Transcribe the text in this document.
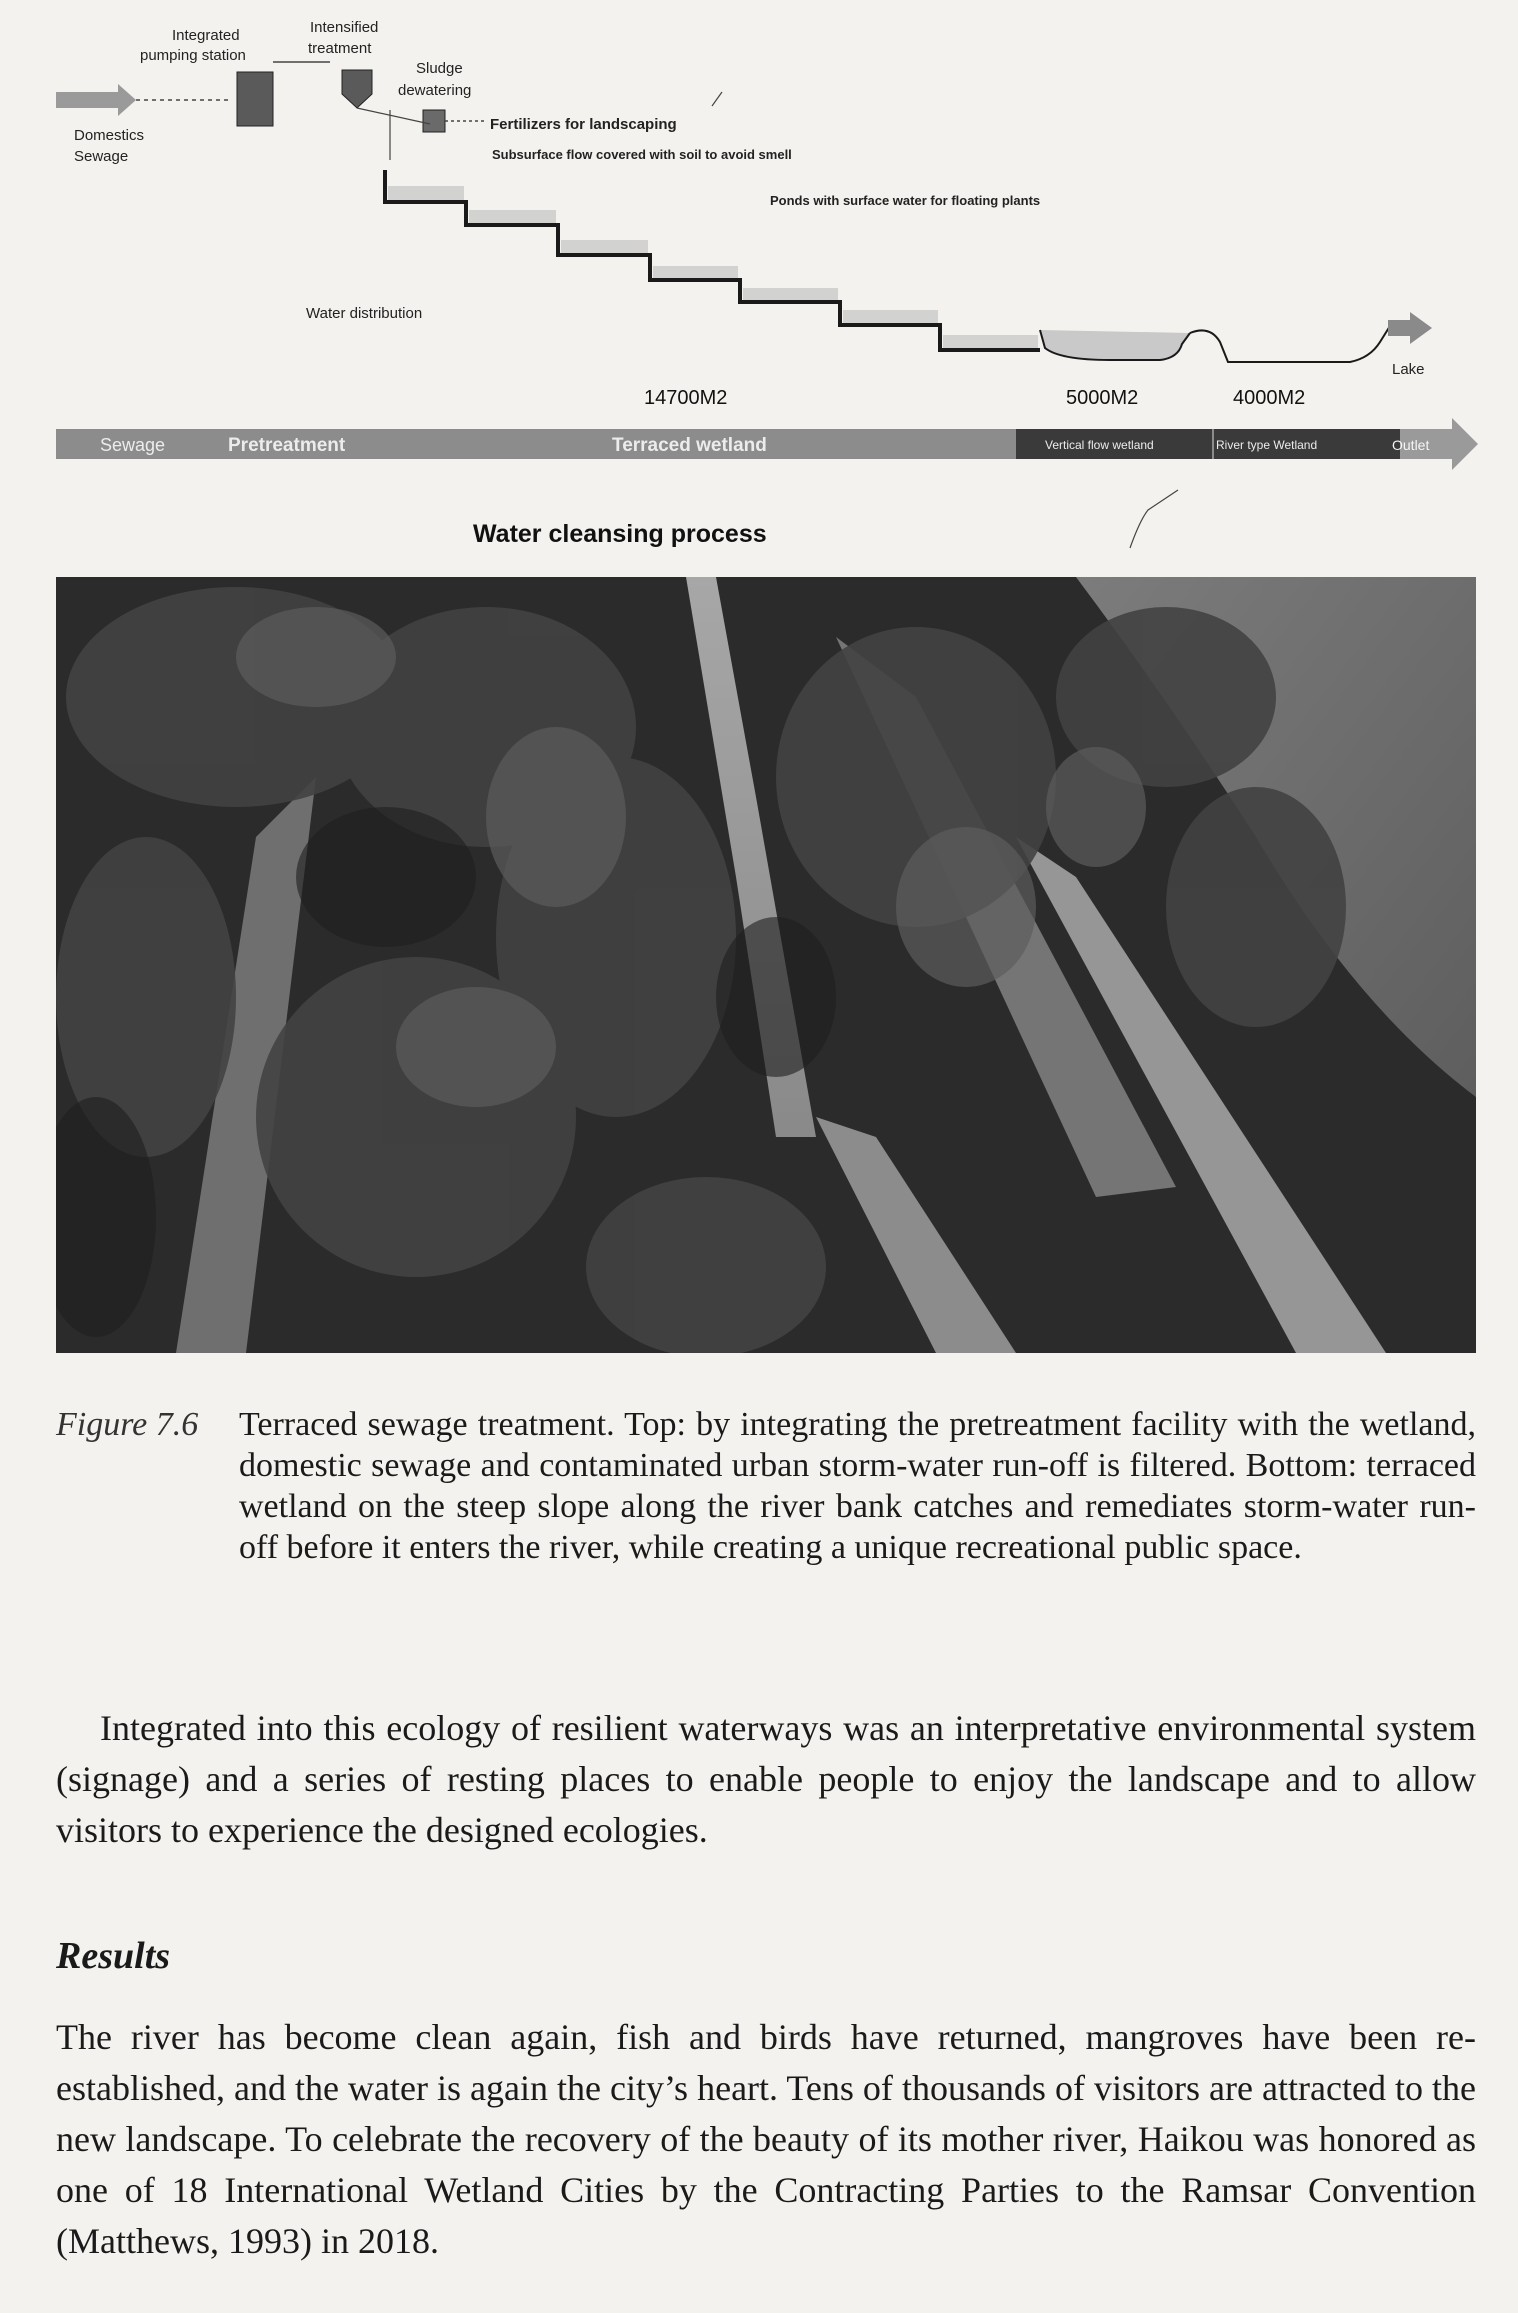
Integrated
pumping station
Intensified
treatment
Sludge
dewatering
Domestics
Sewage
Fertilizers for landscaping
Subsurface flow covered with soil to avoid smell
Ponds with surface water for floating plants
Water distribution
Lake
14700M2	5000M2	4000M2
Sewage	Pretreatment	Terraced wetland	Vertical flow wetland	River type Wetland	Outlet
Water cleansing process
Figure 7.6 Terraced sewage treatment. Top: by integrating the pretreatment facility with the wetland, domestic sewage and contaminated urban storm-water run-off is filtered. Bottom: terraced wetland on the steep slope along the river bank catches and remediates storm-water run-off before it enters the river, while creating a unique recreational public space.
Integrated into this ecology of resilient waterways was an interpretative environmental system (signage) and a series of resting places to enable people to enjoy the landscape and to allow visitors to experience the designed ecologies.
Results
The river has become clean again, fish and birds have returned, mangroves have been re-established, and the water is again the city’s heart. Tens of thousands of visitors are attracted to the new landscape. To celebrate the recovery of the beauty of its mother river, Haikou was honored as one of 18 International Wetland Cities by the Contracting Parties to the Ramsar Convention (Matthews, 1993) in 2018.
